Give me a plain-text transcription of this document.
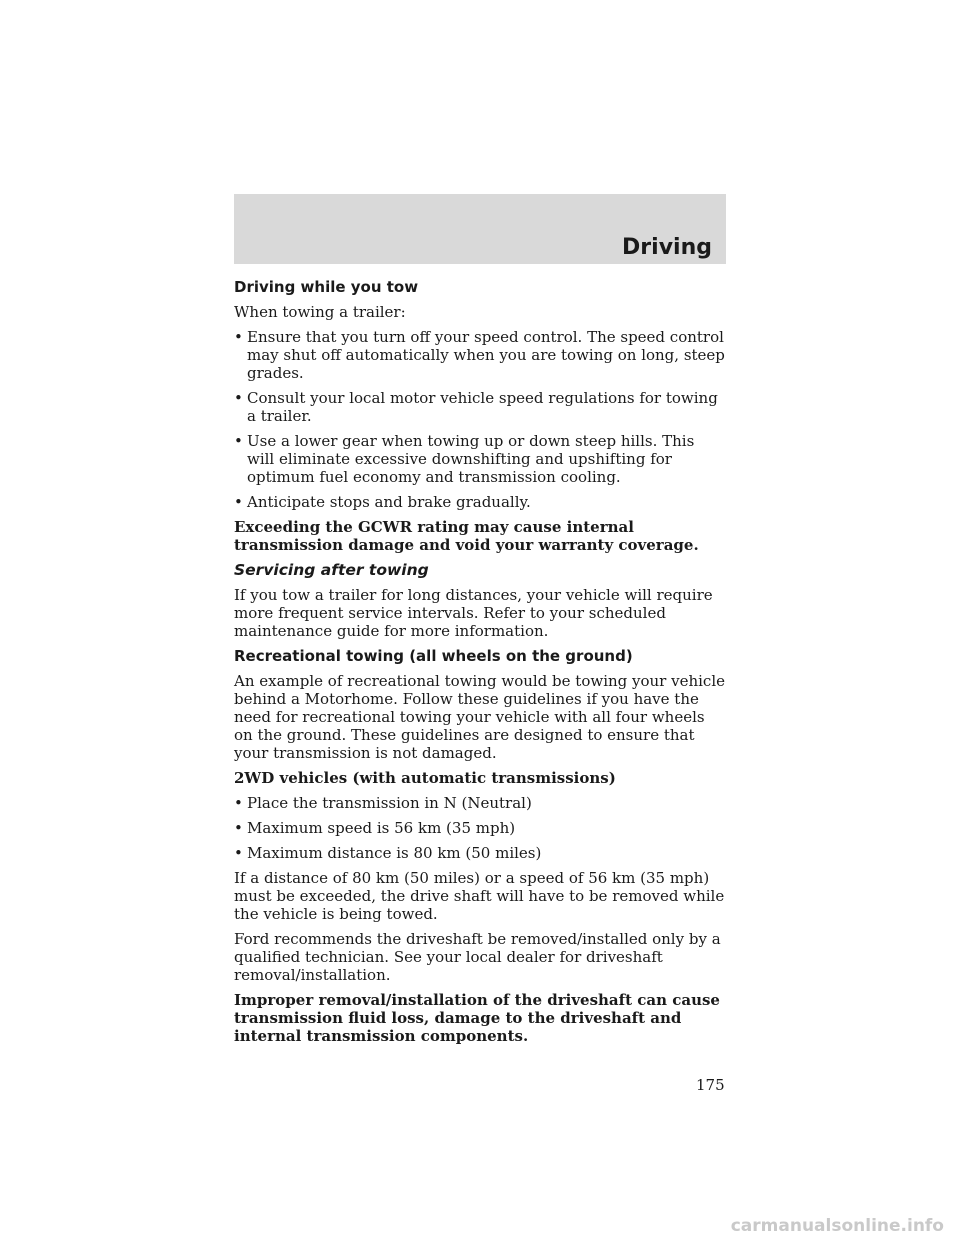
Driving
Driving while you tow

When towing a trailer:

• Ensure that you turn off your speed control. The speed control may shut off automatically when you are towing on long, steep grades.
• Consult your local motor vehicle speed regulations for towing a trailer.
• Use a lower gear when towing up or down steep hills. This will eliminate excessive downshifting and upshifting for optimum fuel economy and transmission cooling.
• Anticipate stops and brake gradually.

Exceeding the GCWR rating may cause internal transmission damage and void your warranty coverage.

Servicing after towing

If you tow a trailer for long distances, your vehicle will require more frequent service intervals. Refer to your scheduled maintenance guide for more information.

Recreational towing (all wheels on the ground)

An example of recreational towing would be towing your vehicle behind a Motorhome. Follow these guidelines if you have the need for recreational towing your vehicle with all four wheels on the ground. These guidelines are designed to ensure that your transmission is not damaged.

2WD vehicles (with automatic transmissions)

• Place the transmission in N (Neutral)
• Maximum speed is 56 km (35 mph)
• Maximum distance is 80 km (50 miles)

If a distance of 80 km (50 miles) or a speed of 56 km (35 mph) must be exceeded, the drive shaft will have to be removed while the vehicle is being towed.

Ford recommends the driveshaft be removed/installed only by a qualified technician. See your local dealer for driveshaft removal/installation.

Improper removal/installation of the driveshaft can cause transmission fluid loss, damage to the driveshaft and internal transmission components.

175
carmanualsonline.info
